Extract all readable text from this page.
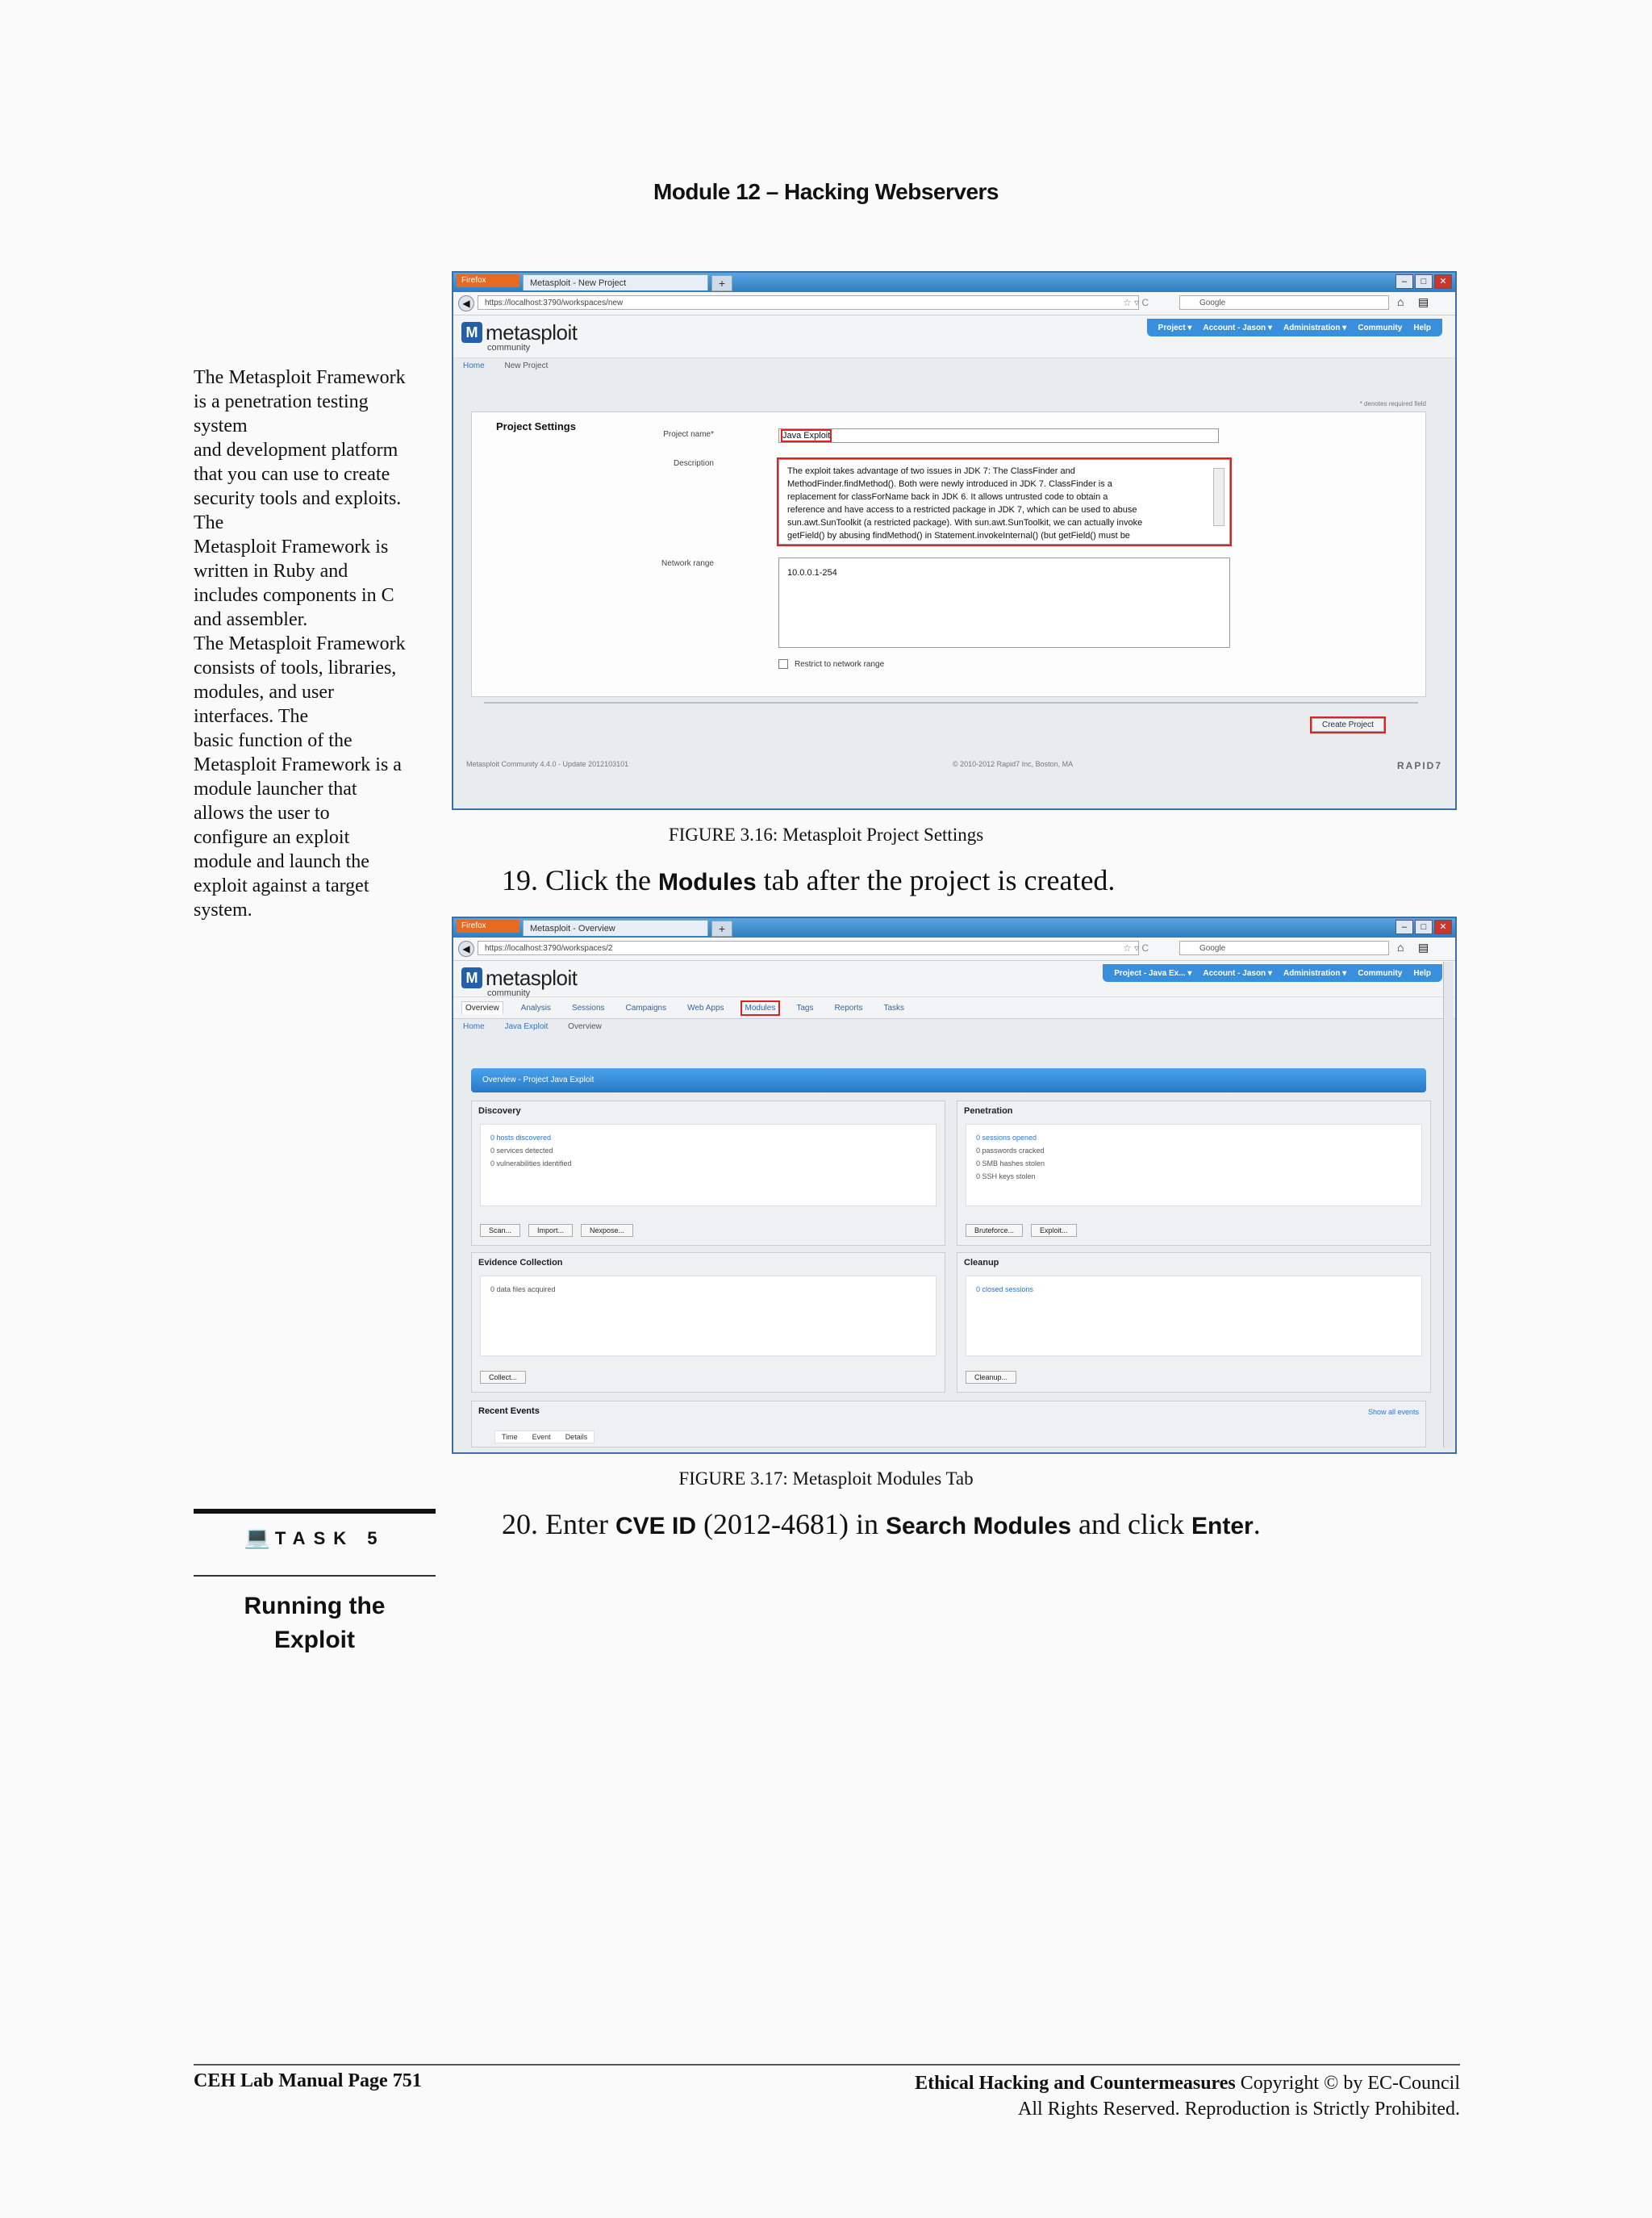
Module 12 – Hacking Webservers
The Metasploit Framework
is a penetration testing
system
and development platform
that you can use to create
security tools and exploits.
The
Metasploit Framework is
written in Ruby and
includes components in C
and assembler.
The Metasploit Framework
consists of tools, libraries,
modules, and user
interfaces. The
basic function of the
Metasploit Framework is a
module launcher that
allows the user to
configure an exploit
module and launch the
exploit against a target
system.
Firefox	Metasploit - New Project	+	–	□	✕
◀	https://localhost:3790/workspaces/new	☆ ▿ C	Google	⌂ ▤
M metasploit
community
Project ▾ Account - Jason ▾ Administration ▾ Community Help
Home New Project
* denotes required field
Project Settings
Project name*	Java Exploit
Description
The exploit takes advantage of two issues in JDK 7: The ClassFinder and
MethodFinder.findMethod(). Both were newly introduced in JDK 7. ClassFinder is a
replacement for classForName back in JDK 6. It allows untrusted code to obtain a
reference and have access to a restricted package in JDK 7, which can be used to abuse
sun.awt.SunToolkit (a restricted package). With sun.awt.SunToolkit, we can actually invoke
getField() by abusing findMethod() in Statement.invokeInternal() (but getField() must be
Network range
10.0.0.1-254
Restrict to network range
Create Project
Metasploit Community 4.4.0 - Update 2012103101	© 2010-2012 Rapid7 Inc, Boston, MA	RAPID7
FIGURE 3.16: Metasploit Project Settings
19. Click the Modules tab after the project is created.
Firefox	Metasploit - Overview	+	–	□	✕
◀	https://localhost:3790/workspaces/2	☆ ▿ C	Google	⌂ ▤
M metasploit
community
Project - Java Ex... ▾ Account - Jason ▾ Administration ▾ Community Help
Overview	Analysis	Sessions	Campaigns	Web Apps	Modules	Tags	Reports	Tasks
Home Java Exploit Overview
Overview - Project Java Exploit
Discovery
0 hosts discovered
0 services detected
0 vulnerabilities identified
Scan...	Import...	Nexpose...
Penetration
0 sessions opened
0 passwords cracked
0 SMB hashes stolen
0 SSH keys stolen
Bruteforce...	Exploit...
Evidence Collection
0 data files acquired
Collect...
Cleanup
0 closed sessions
Cleanup...
Recent Events	Show all events
Time Event Details
FIGURE 3.17: Metasploit Modules Tab
💻 TASK 5
Running the
Exploit
20. Enter CVE ID (2012-4681) in Search Modules and click Enter.
CEH Lab Manual Page 751	Ethical Hacking and Countermeasures Copyright © by EC-Council
All Rights Reserved. Reproduction is Strictly Prohibited.
